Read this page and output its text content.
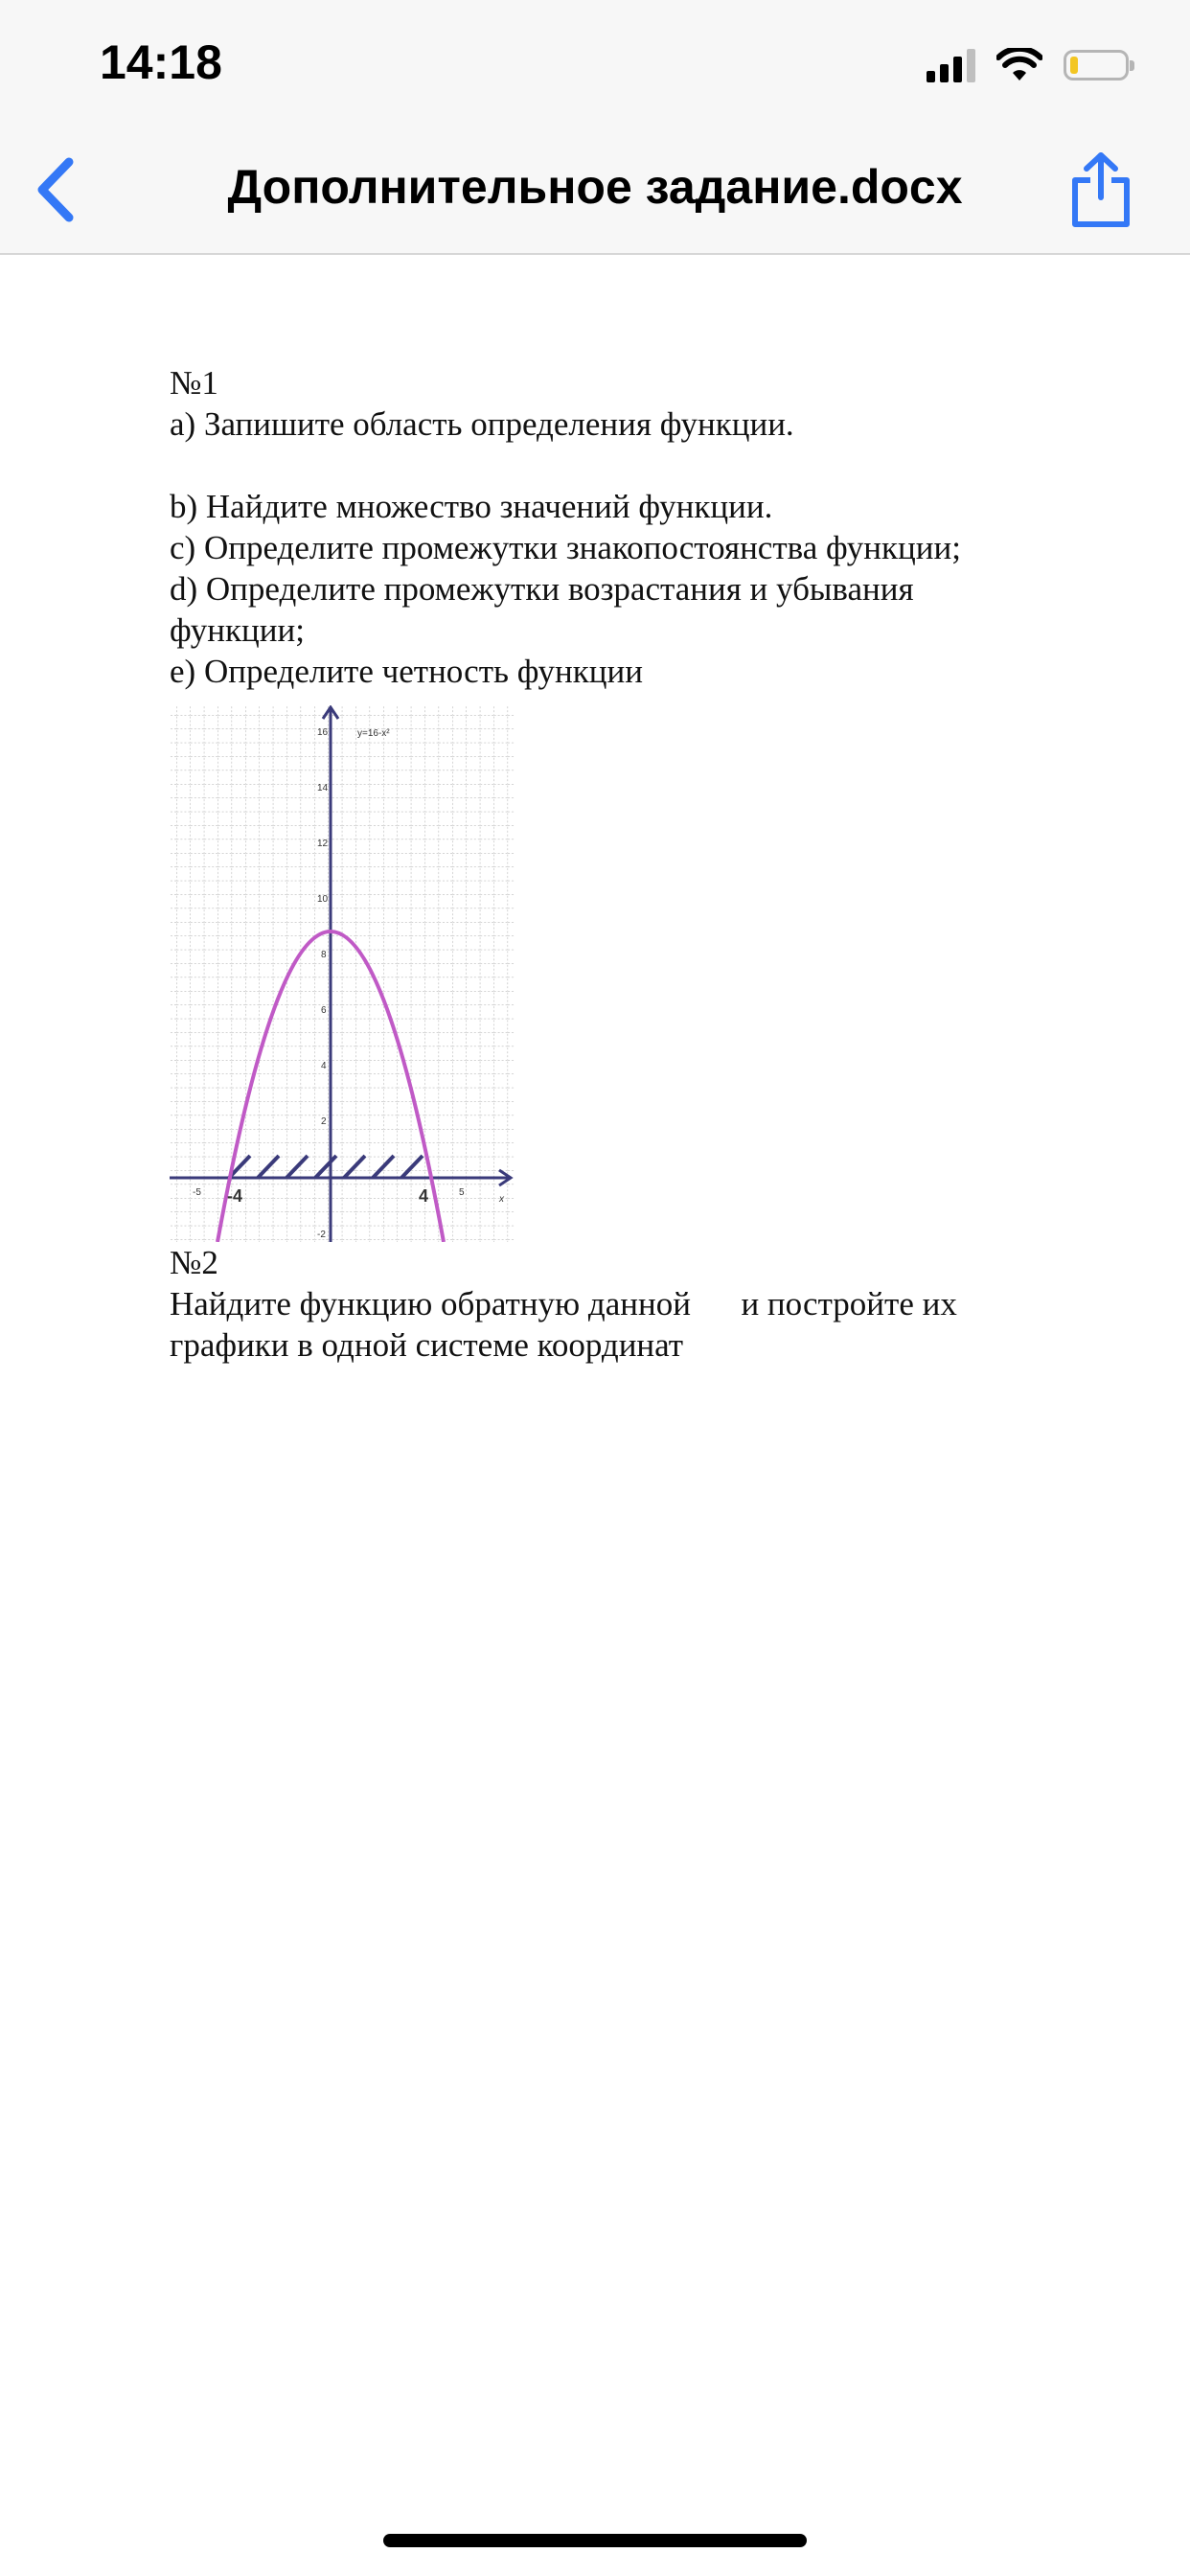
14:18
Дополнительное задание.docx

№1

a) Запишите область определения функции.

b) Найдите множество значений функции.

c) Определите промежутки знакопостоянства функции;

d) Определите промежутки возрастания и убывания функции;

e) Определите четность функции

16
14
12
10
8
6
4
2
-2
-5 -4	4	5
x
y=16-x²

№2

Найдите функцию обратную данной      и постройте их графики в одной системе координат
